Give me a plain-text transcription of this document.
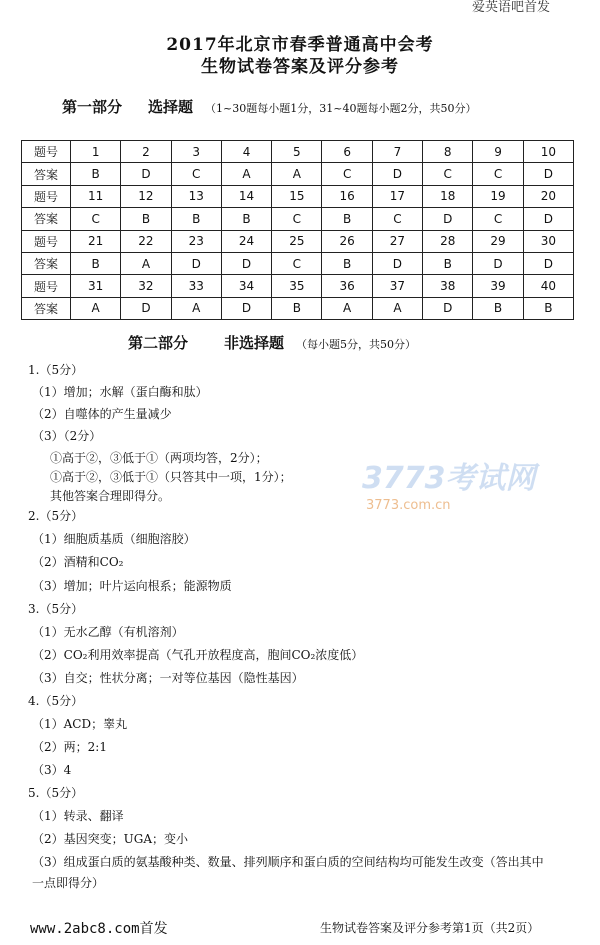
爱英语吧首发
2017年北京市春季普通高中会考
生物试卷答案及评分参考
第一部分 选择题 （1~30题每小题1分，31~40题每小题2分，共50分）
题号	1	2	3	4	5	6	7	8	9	10
答案	B	D	C	A	A	C	D	C	C	D
题号	11	12	13	14	15	16	17	18	19	20
答案	C	B	B	B	C	B	C	D	C	D
题号	21	22	23	24	25	26	27	28	29	30
答案	B	A	D	D	C	B	D	B	D	D
题号	31	32	33	34	35	36	37	38	39	40
答案	A	D	A	D	B	A	A	D	B	B
第二部分 非选择题 （每小题5分，共50分）
1.（5分）
（1）增加；水解（蛋白酶和肽）
（2）自噬体的产生量减少
（3）（2分）
①高于②，③低于①（两项均答，2分）；
①高于②，③低于①（只答其中一项，1分）；
其他答案合理即得分。
2.（5分）
（1）细胞质基质（细胞溶胶）
（2）酒精和CO₂
（3）增加；叶片运向根系；能源物质
3.（5分）
（1）无水乙醇（有机溶剂）
（2）CO₂利用效率提高（气孔开放程度高，胞间CO₂浓度低）
（3）自交；性状分离；一对等位基因（隐性基因）
4.（5分）
（1）ACD；睾丸
（2）两；2:1
（3）4
5.（5分）
（1）转录、翻译
（2）基因突变；UGA；变小
（3）组成蛋白质的氨基酸种类、数量、排列顺序和蛋白质的空间结构均可能发生改变（答出其中
一点即得分）
3773考试网
3773.com.cn
www.2abc8.com首发	生物试卷答案及评分参考第1页（共2页）
